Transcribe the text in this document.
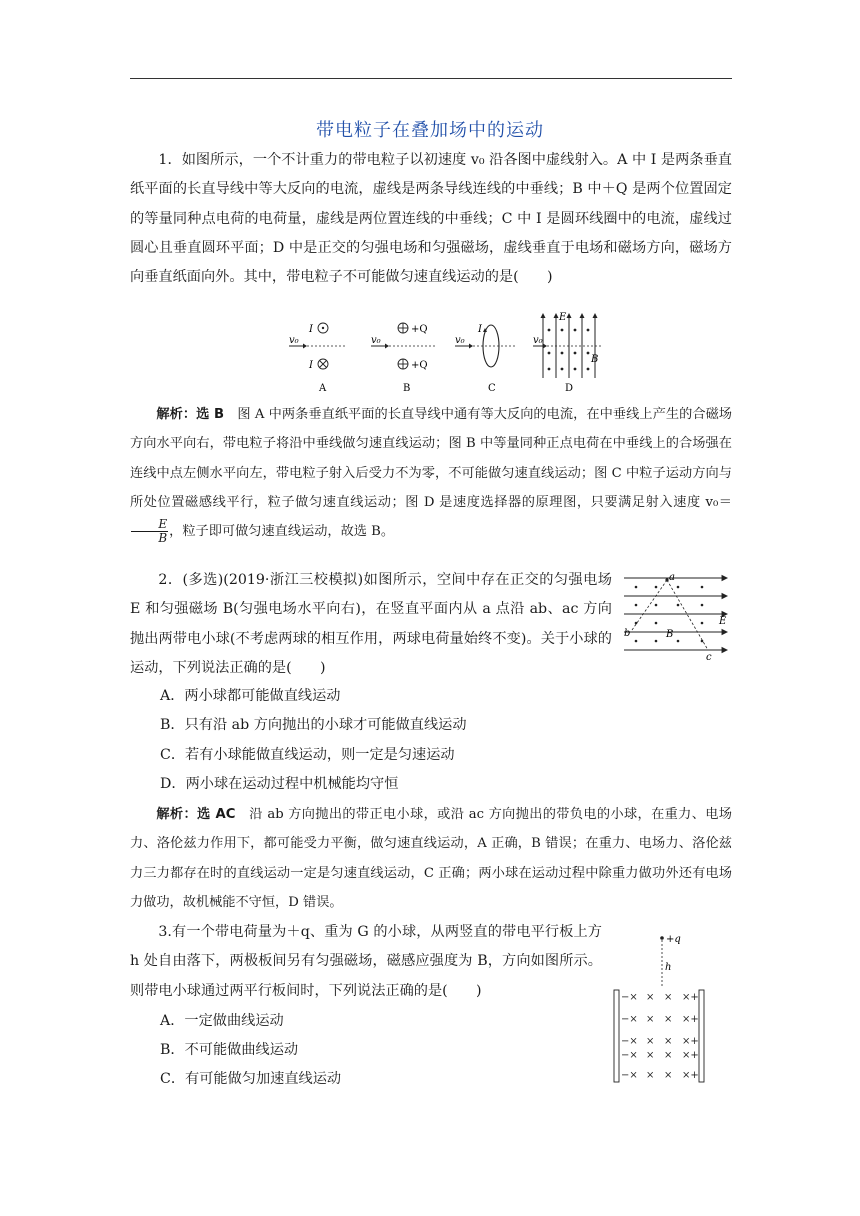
带电粒子在叠加场中的运动
1．如图所示，一个不计重力的带电粒子以初速度 v₀ 沿各图中虚线射入。A 中 I 是两条垂直纸平面的长直导线中等大反向的电流，虚线是两条导线连线的中垂线；B 中＋Q 是两个位置固定的等量同种点电荷的电荷量，虚线是两位置连线的中垂线；C 中 I 是圆环线圈中的电流，虚线过圆心且垂直圆环平面；D 中是正交的匀强电场和匀强磁场，虚线垂直于电场和磁场方向，磁场方向垂直纸面向外。其中，带电粒子不可能做匀速直线运动的是(　　)
v₀
I
I
A
v₀
+Q
+Q
B
v₀
I
C
v₀
E
B
D
解析：选 B　图 A 中两条垂直纸平面的长直导线中通有等大反向的电流，在中垂线上产生的合磁场方向水平向右，带电粒子将沿中垂线做匀速直线运动；图 B 中等量同种正点电荷在中垂线上的合场强在连线中点左侧水平向左，带电粒子射入后受力不为零，不可能做匀速直线运动；图 C 中粒子运动方向与所处位置磁感线平行，粒子做匀速直线运动；图 D 是速度选择器的原理图，只要满足射入速度 v₀＝
$\frac{E}{B}$ ，粒子即可做匀速直线运动，故选 B。
2．(多选)(2019·浙江三校模拟)如图所示，空间中存在正交的匀强电场 E 和匀强磁场 B(匀强电场水平向右)，在竖直平面内从 a 点沿 ab、ac 方向抛出两带电小球(不考虑两球的相互作用，两球电荷量始终不变)。关于小球的运动，下列说法正确的是(　　)
a
b
c
E
B
A．两小球都可能做直线运动
B．只有沿 ab 方向抛出的小球才可能做直线运动
C．若有小球能做直线运动，则一定是匀速运动
D．两小球在运动过程中机械能均守恒
解析：选 AC　沿 ab 方向抛出的带正电小球，或沿 ac 方向抛出的带负电的小球，在重力、电场力、洛伦兹力作用下，都可能受力平衡，做匀速直线运动，A 正确，B 错误；在重力、电场力、洛伦兹力三力都存在时的直线运动一定是匀速直线运动，C 正确；两小球在运动过程中除重力做功外还有电场力做功，故机械能不守恒，D 错误。
3.有一个带电荷量为＋q、重为 G 的小球，从两竖直的带电平行板上方 h 处自由落下，两极板间另有匀强磁场，磁感应强度为 B，方向如图所示。则带电小球通过两平行板间时，下列说法正确的是(　　)
+q
h
−× × × ×+
−× × × ×+
−× × × ×+
−× × × ×+
−× × × ×+
A．一定做曲线运动
B．不可能做曲线运动
C．有可能做匀加速直线运动
